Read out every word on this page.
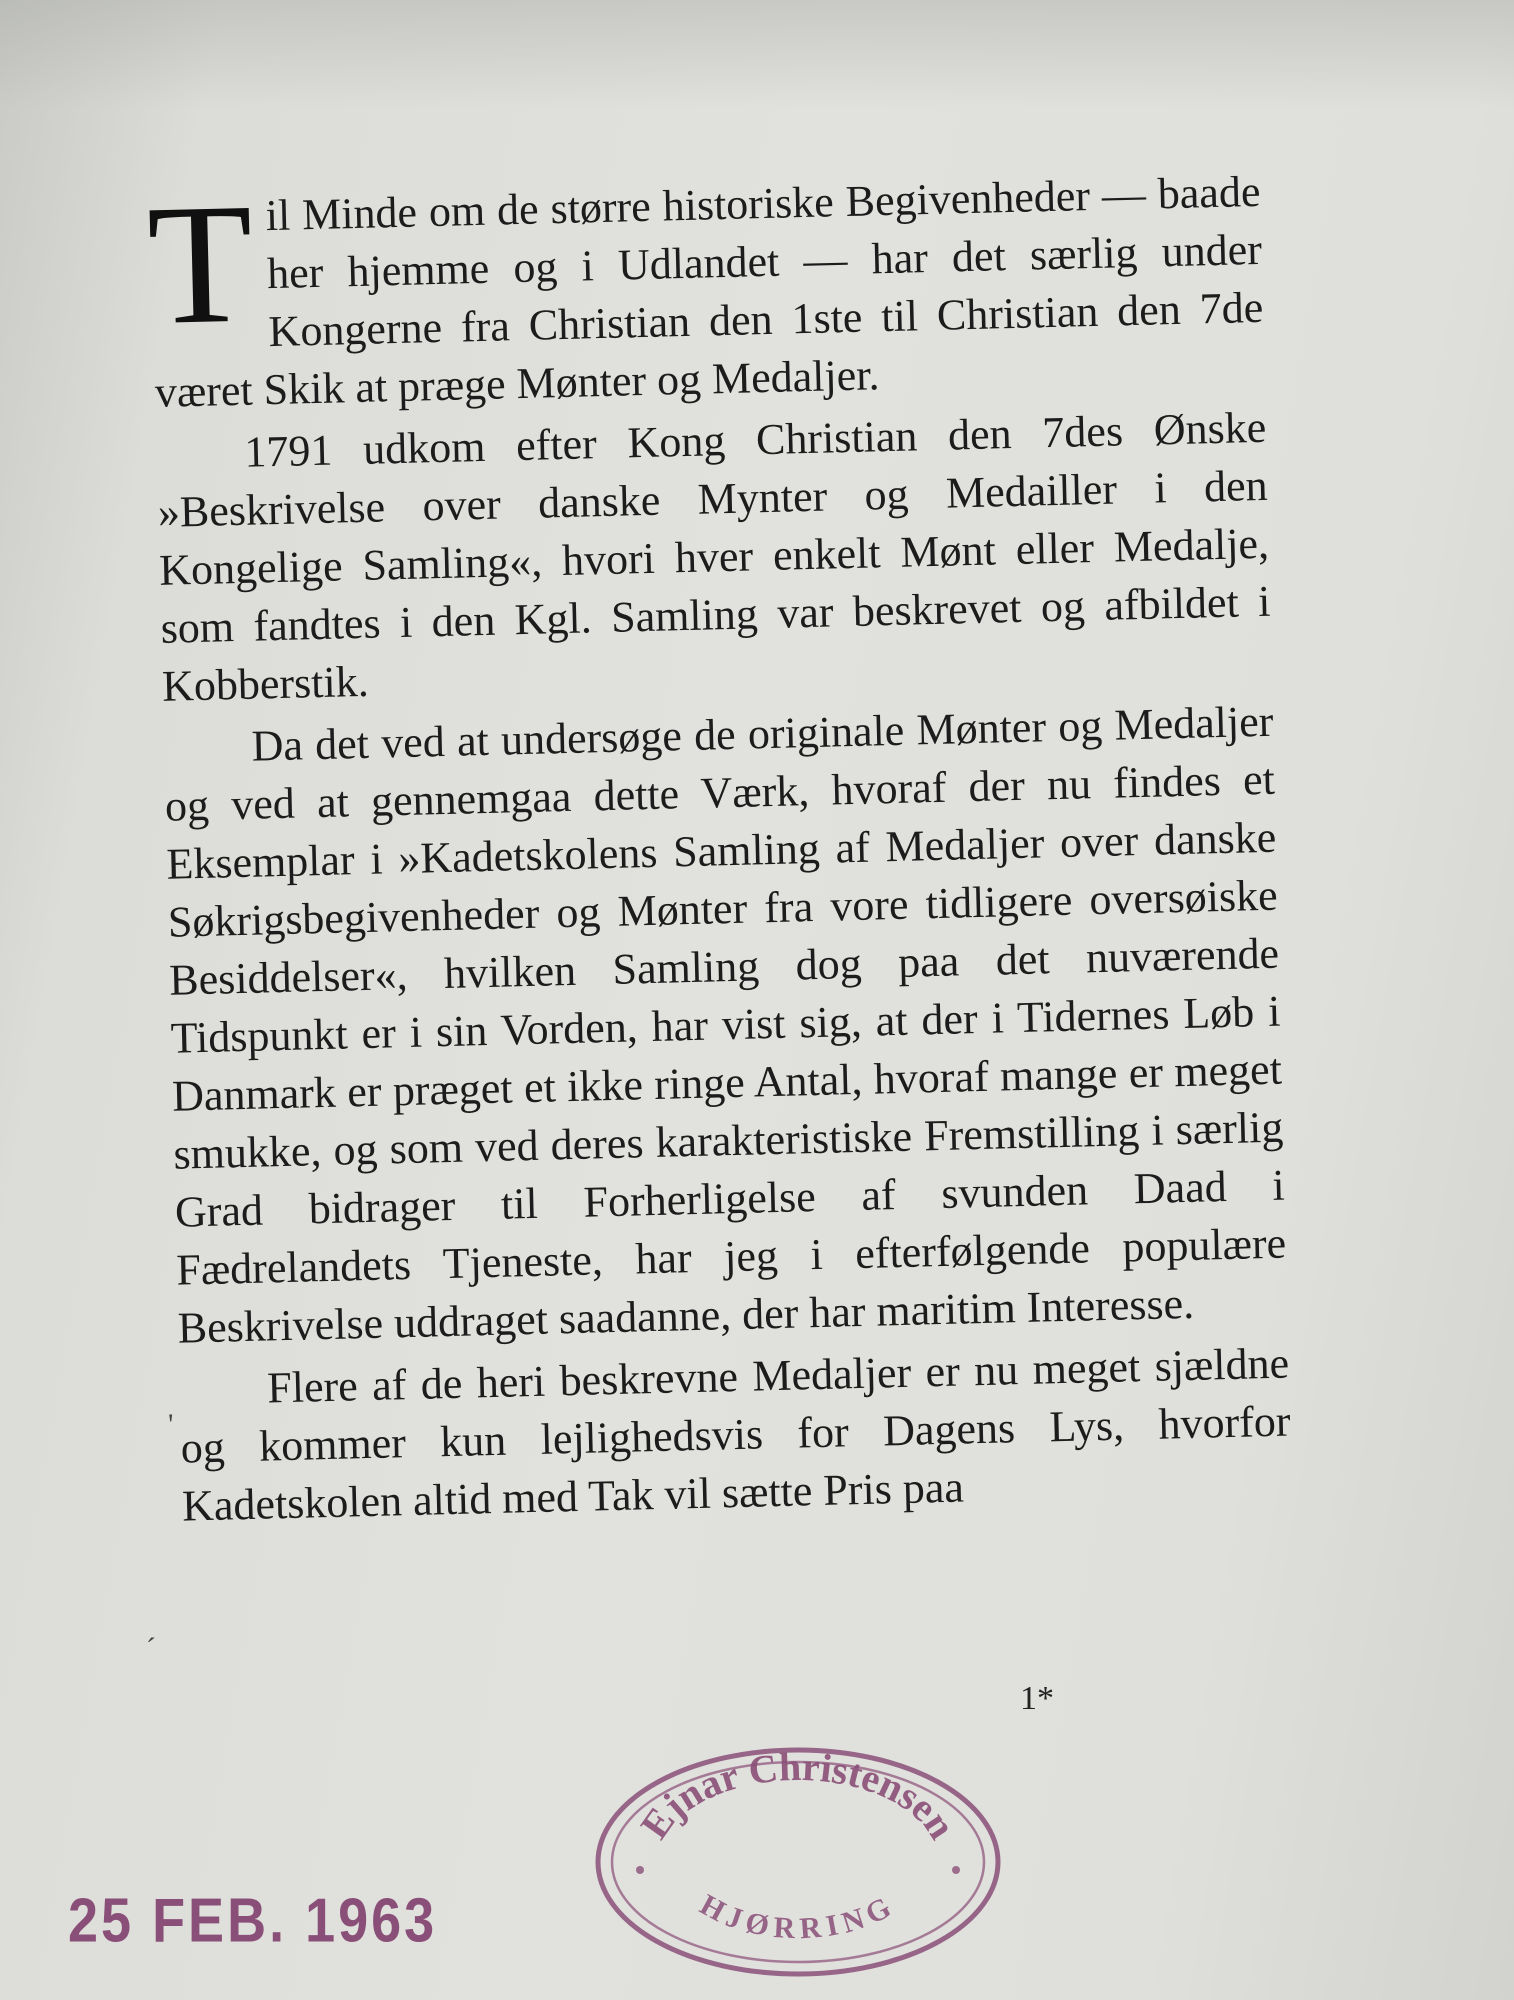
Til Minde om de større historiske Begivenheder — baade her hjemme og i Udlandet — har det særlig under Kongerne fra Christian den 1ste til Christian den 7de været Skik at præge Mønter og Medaljer.

1791 udkom efter Kong Christian den 7des Ønske »Beskrivelse over danske Mynter og Medailler i den Kongelige Samling«, hvori hver enkelt Mønt eller Medalje, som fandtes i den Kgl. Samling var beskrevet og afbildet i Kobberstik.

Da det ved at undersøge de originale Mønter og Medaljer og ved at gennemgaa dette Værk, hvoraf der nu findes et Eksemplar i »Kadetskolens Samling af Medaljer over danske Søkrigsbegivenheder og Mønter fra vore tidligere oversøiske Besiddelser«, hvilken Samling dog paa det nuværende Tidspunkt er i sin Vorden, har vist sig, at der i Tidernes Løb i Danmark er præget et ikke ringe Antal, hvoraf mange er meget smukke, og som ved deres karakteristiske Fremstilling i særlig Grad bidrager til Forherligelse af svunden Daad i Fædrelandets Tjeneste, har jeg i efterfølgende populære Beskrivelse uddraget saadanne, der har maritim Interesse.

Flere af de heri beskrevne Medaljer er nu meget sjældne og kommer kun lejlighedsvis for Dagens Lys, hvorfor Kadetskolen altid med Tak vil sætte Pris paa

1*
25 FEB. 1963
Ejnar Christensen
HJØRRING
'
´
